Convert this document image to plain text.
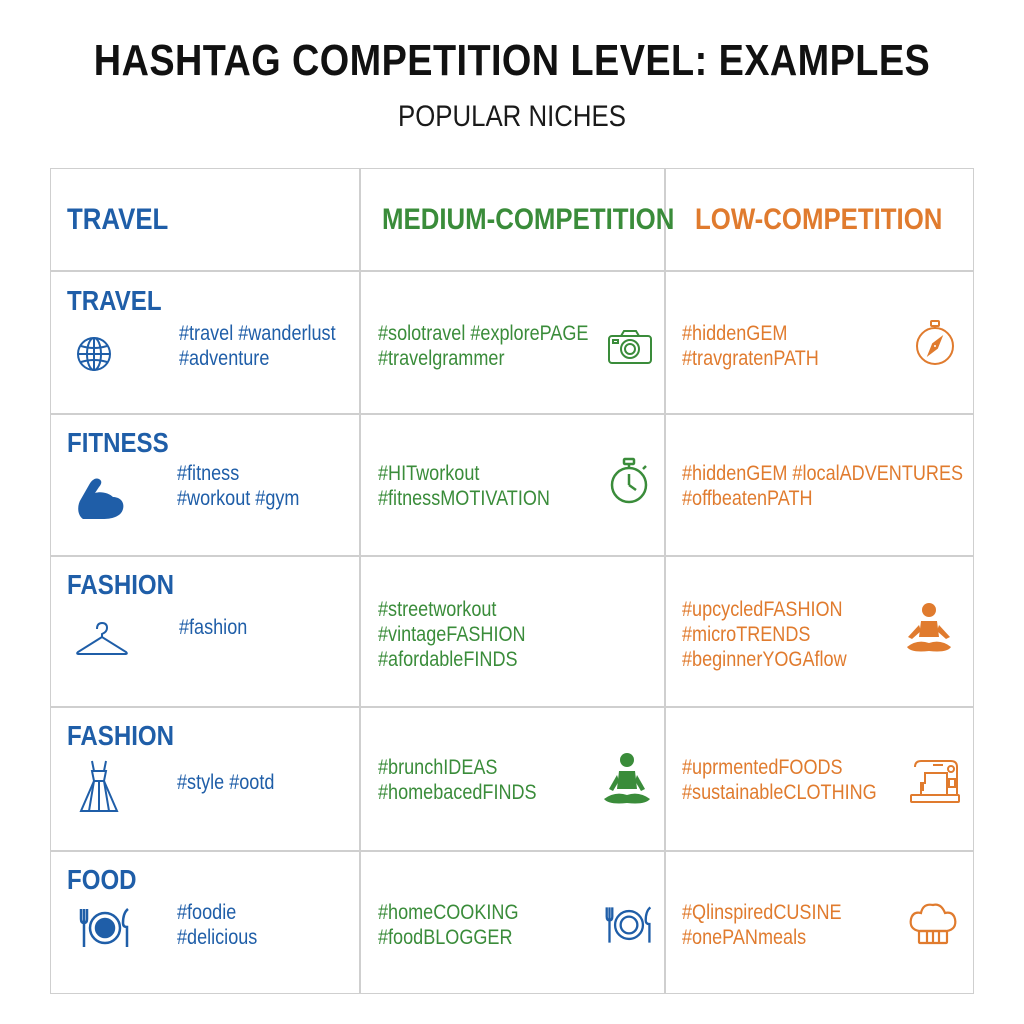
HASHTAG COMPETITION LEVEL: EXAMPLES
POPULAR NICHES
TRAVEL	MEDIUM-COMPETITION LOW-COMPETITION
TRAVEL
#travel #wanderlust
#adventure
#solotravel #explorePAGE
#travelgrammer
#hiddenGEM
#travgratenPATH
FITNESS
#fitness
#workout #gym
#HITworkout
#fitnessMOTIVATION
#hiddenGEM #localADVENTURES
#offbeatenPATH
FASHION
#fashion
#streetworkout
#vintageFASHION
#afordableFINDS
#upcycledFASHION
#microTRENDS
#beginnerYOGAflow
FASHION
#style #ootd
#brunchIDEAS
#homebacedFINDS
#uprmentedFOODS
#sustainableCLOTHING
FOOD
#foodie
#delicious
#homeCOOKING
#foodBLOGGER
#QlinspiredCUSINE
#onePANmeals
